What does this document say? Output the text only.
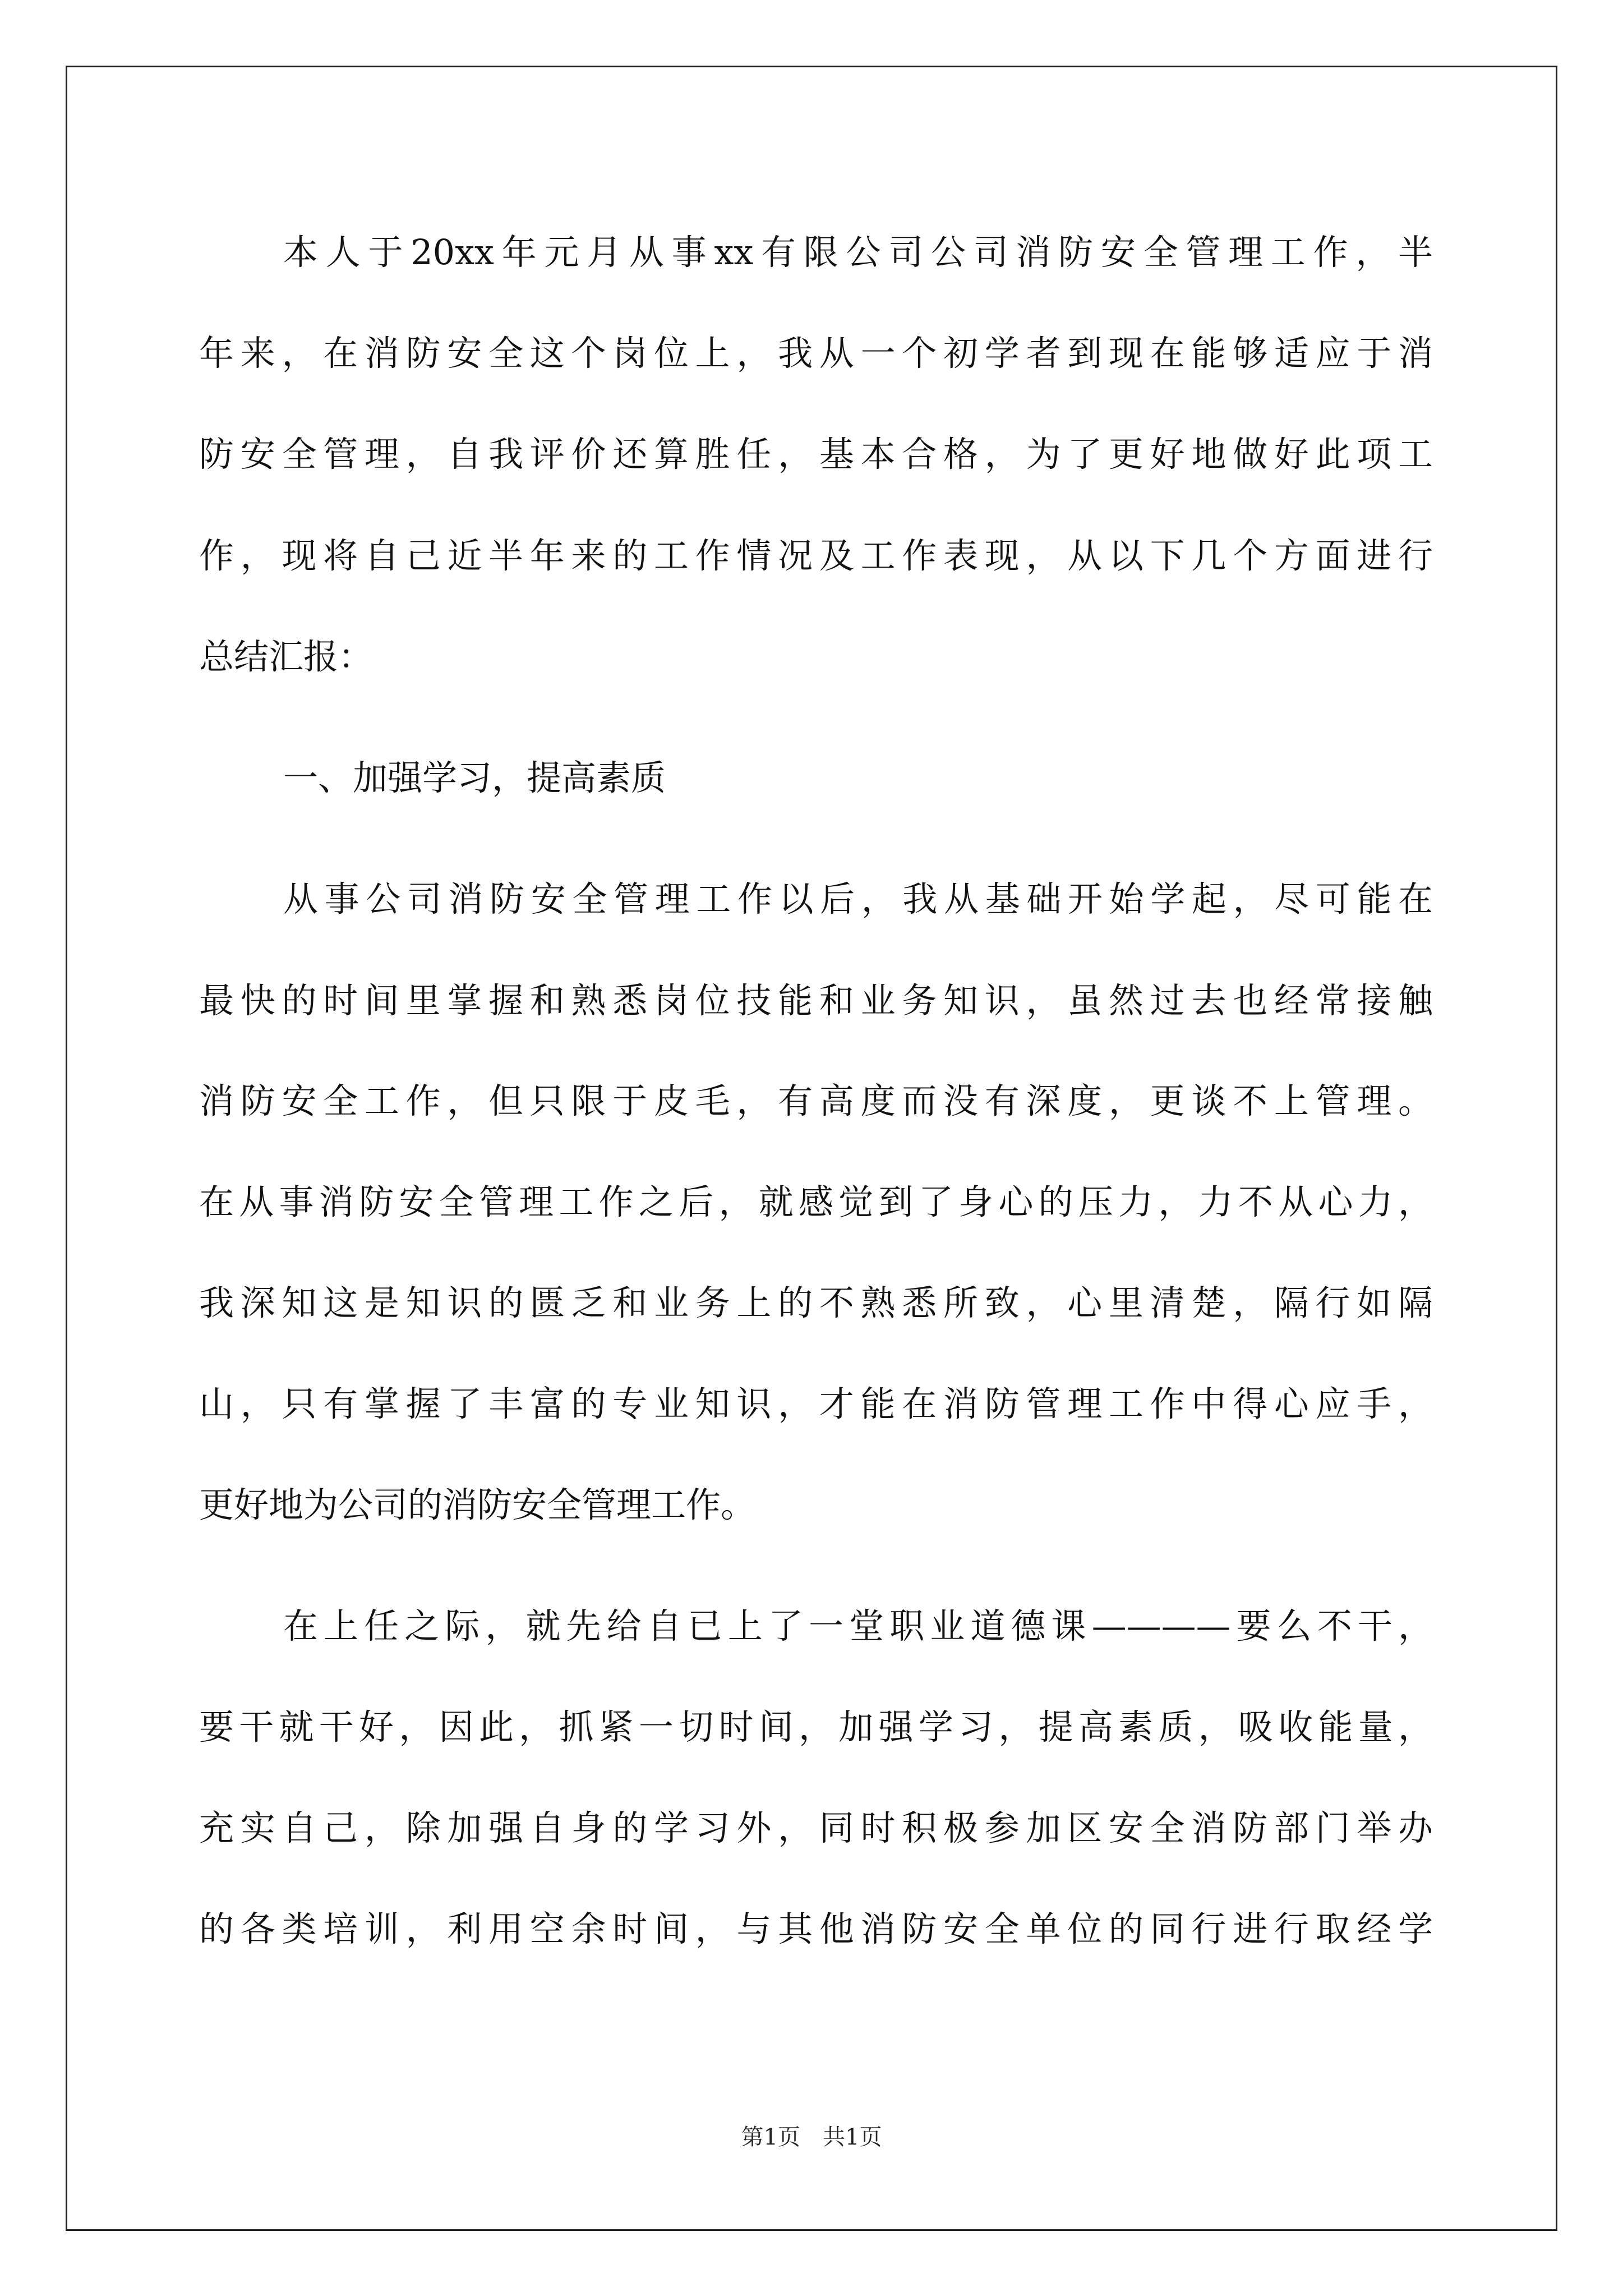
本人于20xx年元月从事xx有限公司公司消防安全管理工作，半
年来，在消防安全这个岗位上，我从一个初学者到现在能够适应于消
防安全管理，自我评价还算胜任，基本合格，为了更好地做好此项工
作，现将自己近半年来的工作情况及工作表现，从以下几个方面进行
总结汇报：
一、加强学习，提高素质
从事公司消防安全管理工作以后，我从基础开始学起，尽可能在
最快的时间里掌握和熟悉岗位技能和业务知识，虽然过去也经常接触
消防安全工作，但只限于皮毛，有高度而没有深度，更谈不上管理。
在从事消防安全管理工作之后，就感觉到了身心的压力，力不从心力，
我深知这是知识的匮乏和业务上的不熟悉所致，心里清楚，隔行如隔
山，只有掌握了丰富的专业知识，才能在消防管理工作中得心应手，
更好地为公司的消防安全管理工作。
在上任之际，就先给自已上了一堂职业道德课————要么不干，
要干就干好，因此，抓紧一切时间，加强学习，提高素质，吸收能量，
充实自己，除加强自身的学习外，同时积极参加区安全消防部门举办
的各类培训，利用空余时间，与其他消防安全单位的同行进行取经学
第1页 共1页
